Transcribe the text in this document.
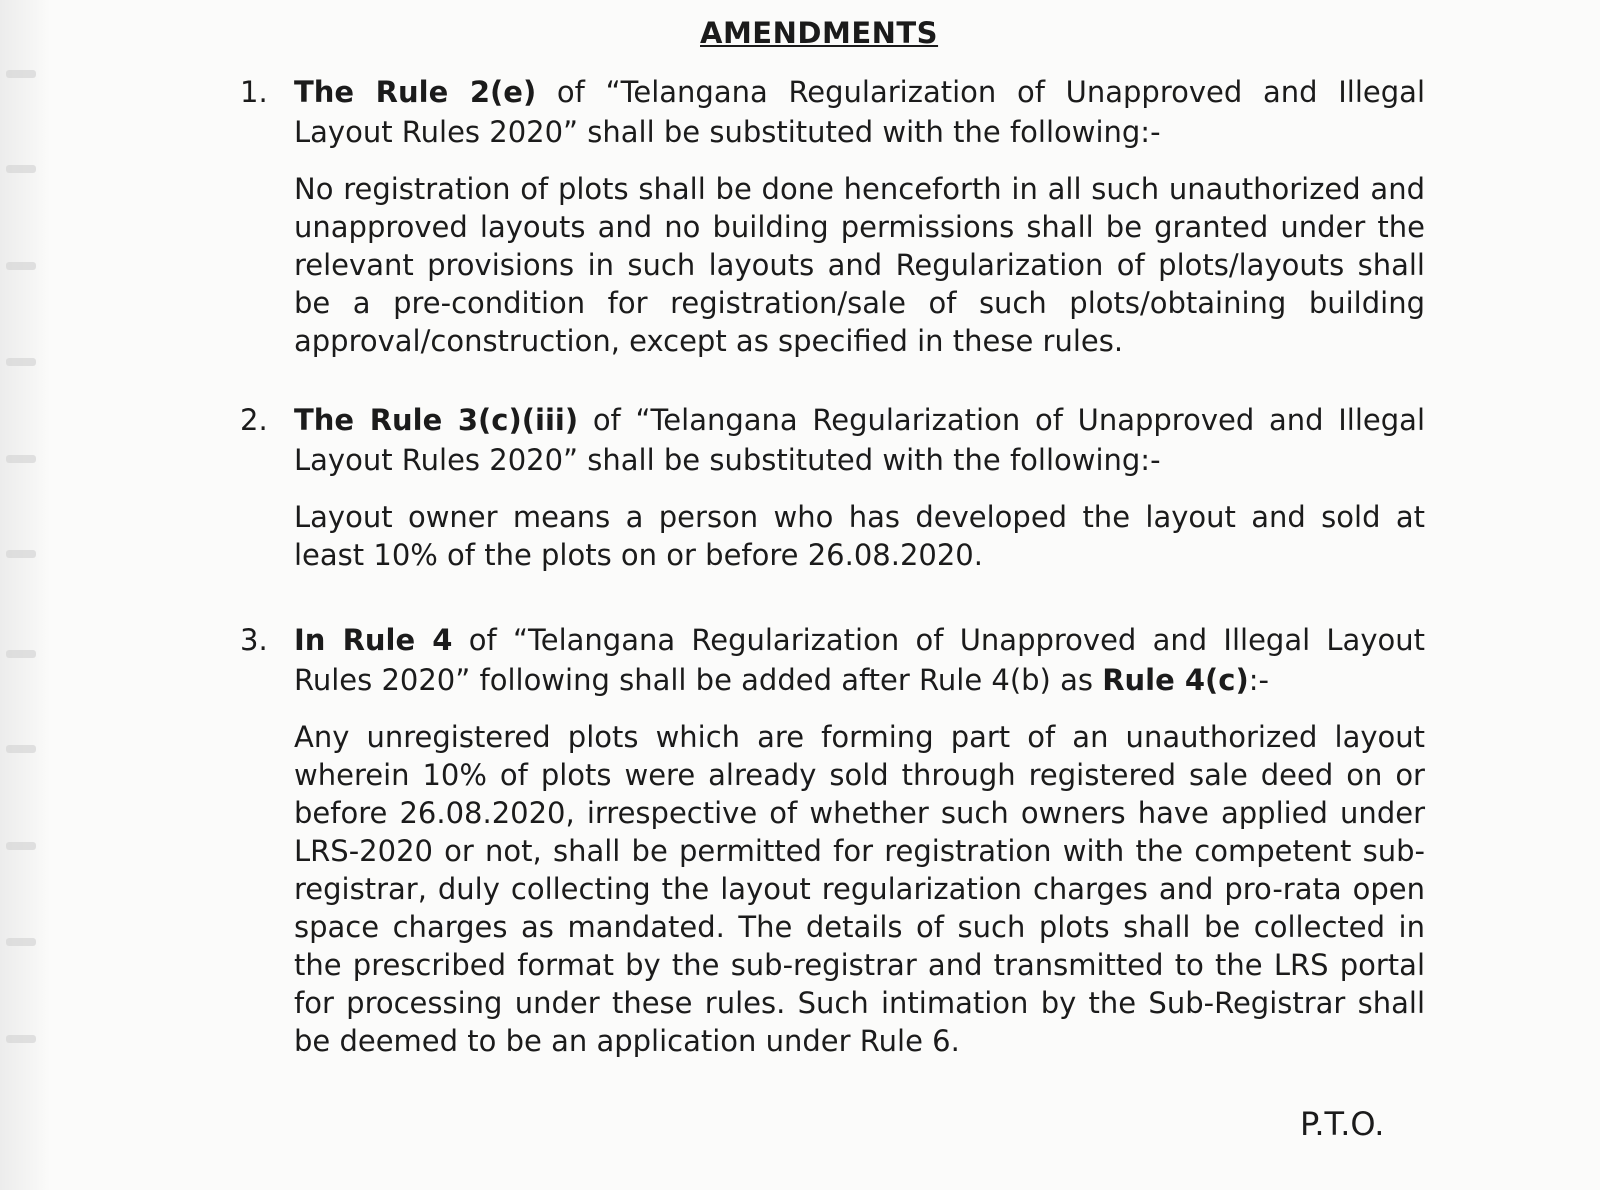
AMENDMENTS
1. The Rule 2(e) of “Telangana Regularization of Unapproved and Illegal Layout Rules 2020” shall be substituted with the following:-
No registration of plots shall be done henceforth in all such unauthorized and unapproved layouts and no building permissions shall be granted under the relevant provisions in such layouts and Regularization of plots/layouts shall be a pre-condition for registration/sale of such plots/obtaining building approval/construction, except as specified in these rules.
2. The Rule 3(c)(iii) of “Telangana Regularization of Unapproved and Illegal Layout Rules 2020” shall be substituted with the following:-
Layout owner means a person who has developed the layout and sold at least 10% of the plots on or before 26.08.2020.
3. In Rule 4 of “Telangana Regularization of Unapproved and Illegal Layout Rules 2020” following shall be added after Rule 4(b) as Rule 4(c):-
Any unregistered plots which are forming part of an unauthorized layout wherein 10% of plots were already sold through registered sale deed on or before 26.08.2020, irrespective of whether such owners have applied under LRS-2020 or not, shall be permitted for registration with the competent sub-registrar, duly collecting the layout regularization charges and pro-rata open space charges as mandated. The details of such plots shall be collected in the prescribed format by the sub-registrar and transmitted to the LRS portal for processing under these rules. Such intimation by the Sub-Registrar shall be deemed to be an application under Rule 6.
P.T.O.
